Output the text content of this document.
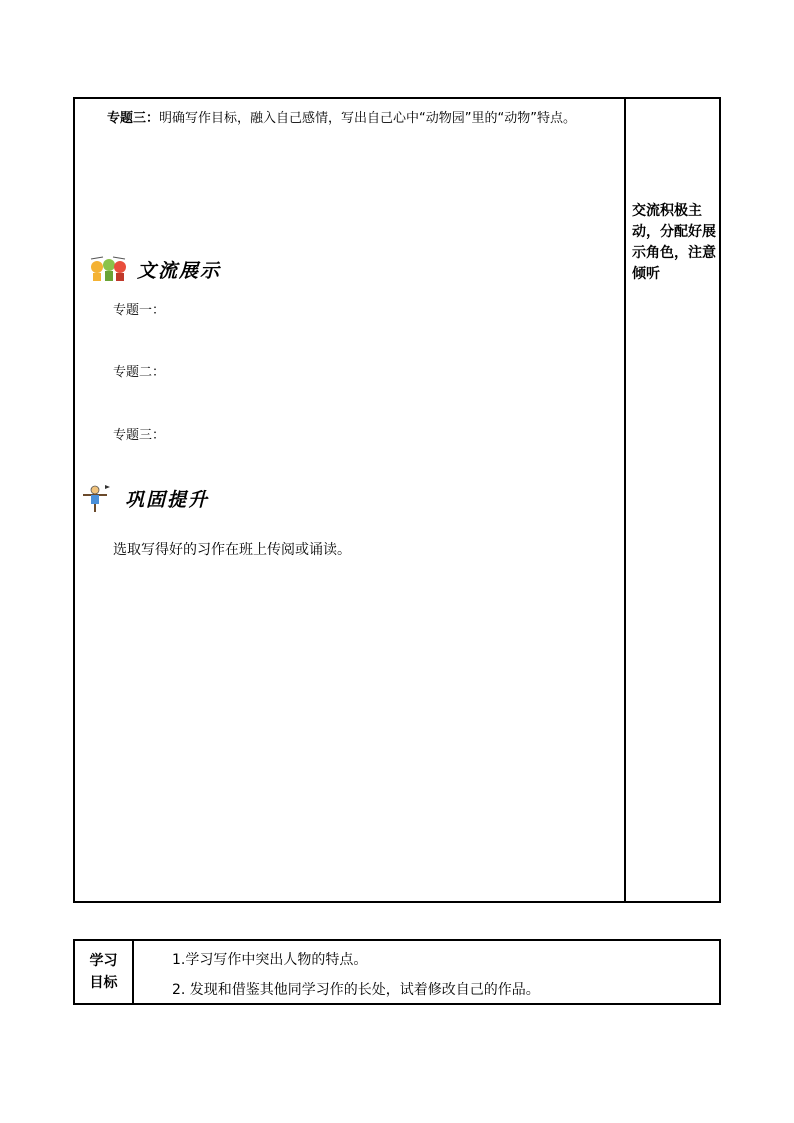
专题三：明确写作目标，融入自己感情，写出自己心中“动物园”里的“动物”特点。
文流展示
专题一：
专题二：
专题三：
巩固提升
选取写得好的习作在班上传阅或诵读。
交流积极主动，分配好展示角色，注意倾听
学习
目标
1.学习写作中突出人物的特点。
2. 发现和借鉴其他同学习作的长处，试着修改自己的作品。
